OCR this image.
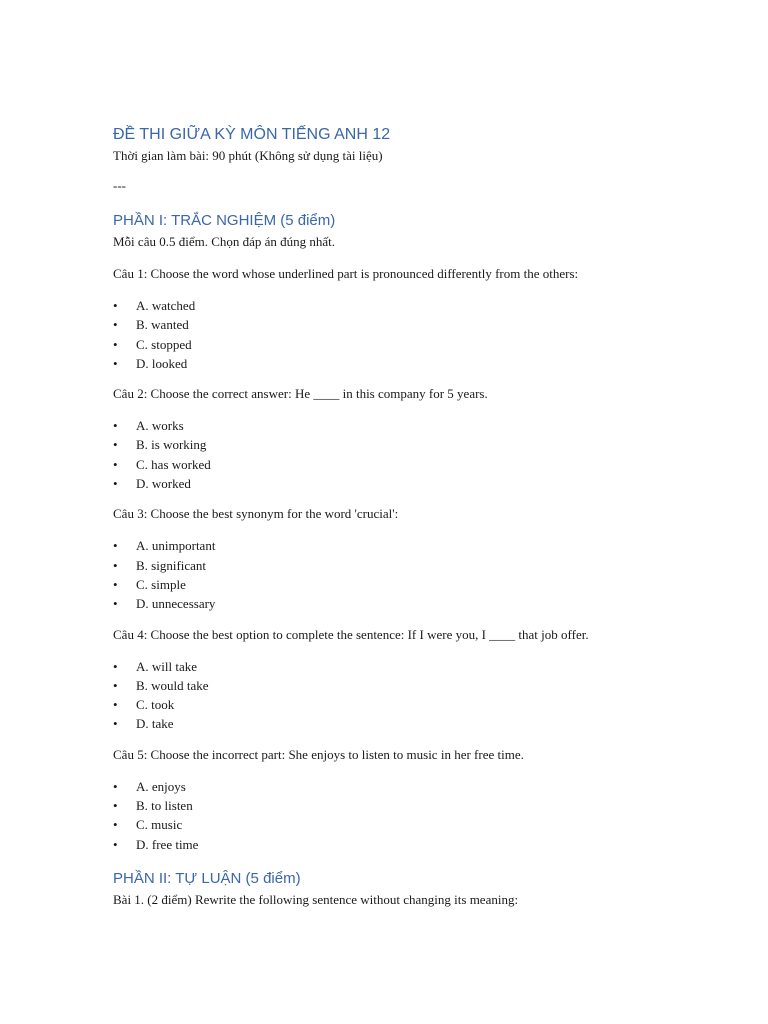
ĐỀ THI GIỮA KỲ MÔN TIẾNG ANH 12

Thời gian làm bài: 90 phút (Không sử dụng tài liệu)

---

PHẦN I: TRẮC NGHIỆM (5 điểm)

Mỗi câu 0.5 điểm. Chọn đáp án đúng nhất.

Câu 1: Choose the word whose underlined part is pronounced differently from the others:

• A. watched
• B. wanted
• C. stopped
• D. looked

Câu 2: Choose the correct answer: He ____ in this company for 5 years.

• A. works
• B. is working
• C. has worked
• D. worked

Câu 3: Choose the best synonym for the word 'crucial':

• A. unimportant
• B. significant
• C. simple
• D. unnecessary

Câu 4: Choose the best option to complete the sentence: If I were you, I ____ that job offer.

• A. will take
• B. would take
• C. took
• D. take

Câu 5: Choose the incorrect part: She enjoys to listen to music in her free time.

• A. enjoys
• B. to listen
• C. music
• D. free time
PHẦN II: TỰ LUẬN (5 điểm)

Bài 1. (2 điểm) Rewrite the following sentence without changing its meaning:
